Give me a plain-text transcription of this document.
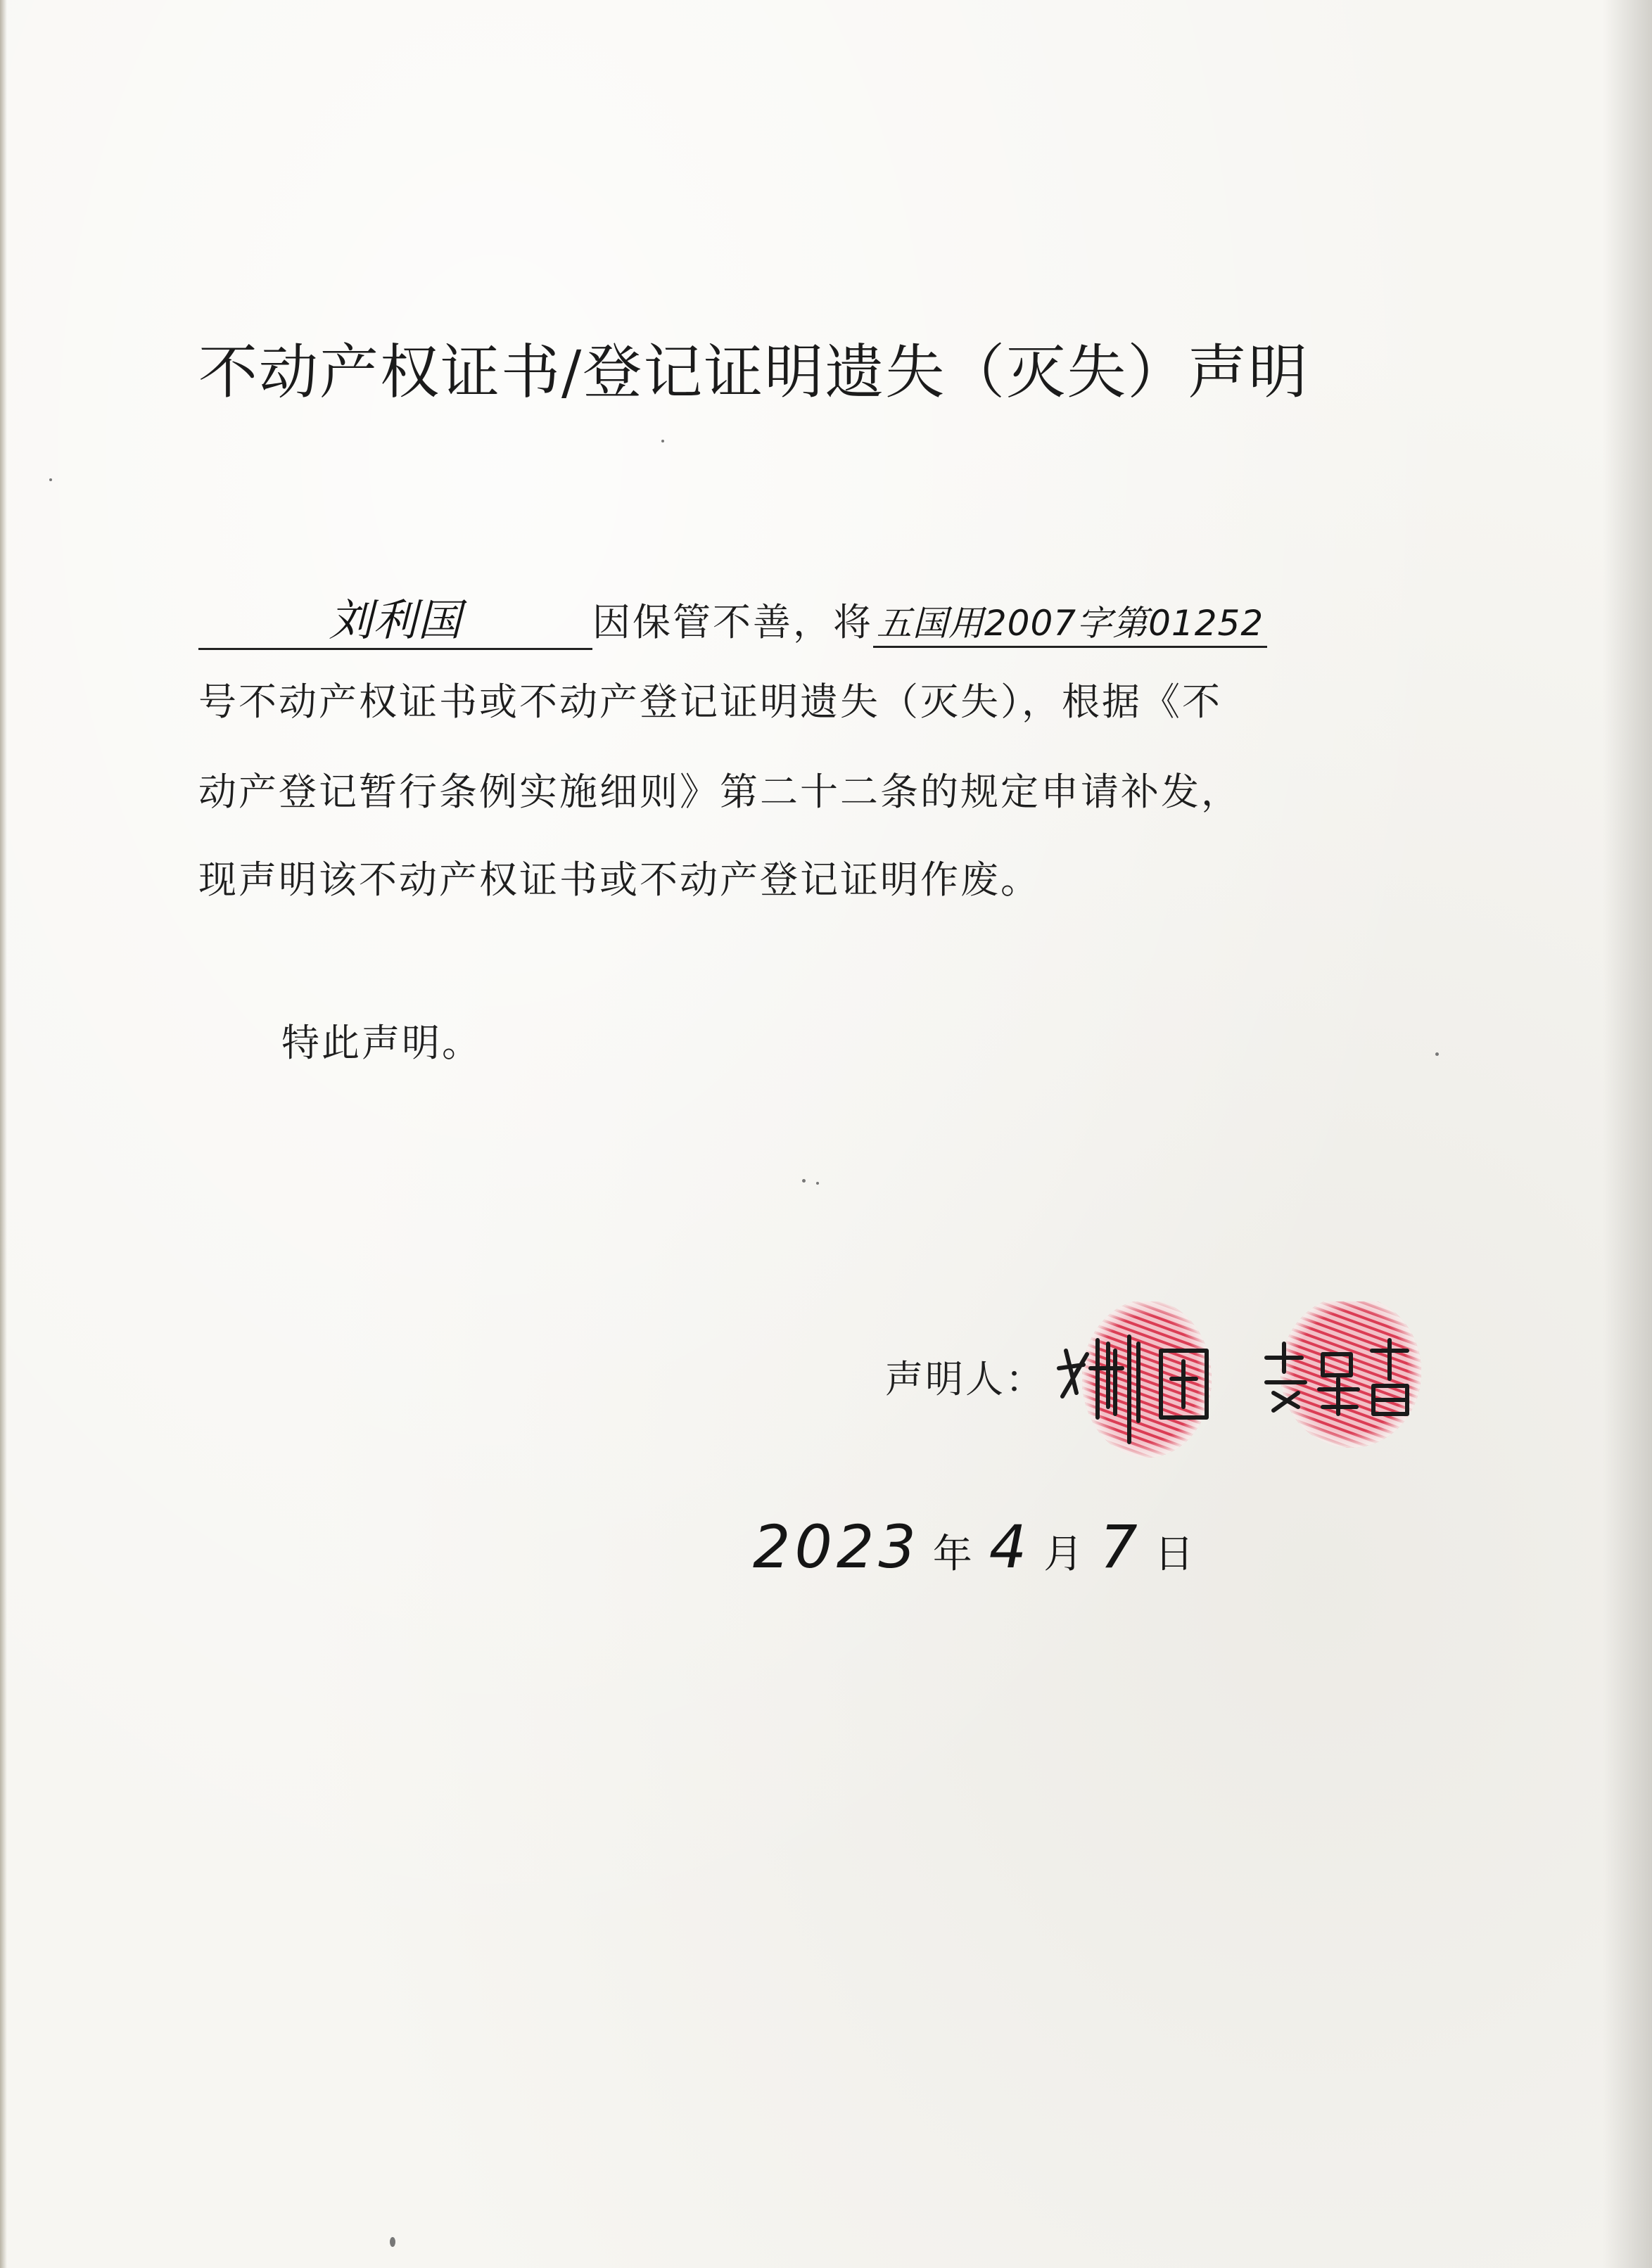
不动产权证书/登记证明遗失（灭失）声明
刘利国	因保管不善，将五国用2007字第01252
号不动产权证书或不动产登记证明遗失（灭失），根据《不
动产登记暂行条例实施细则》第二十二条的规定申请补发，
现声明该不动产权证书或不动产登记证明作废。
特此声明。
声明人：
2023 年 4 月 7 日
